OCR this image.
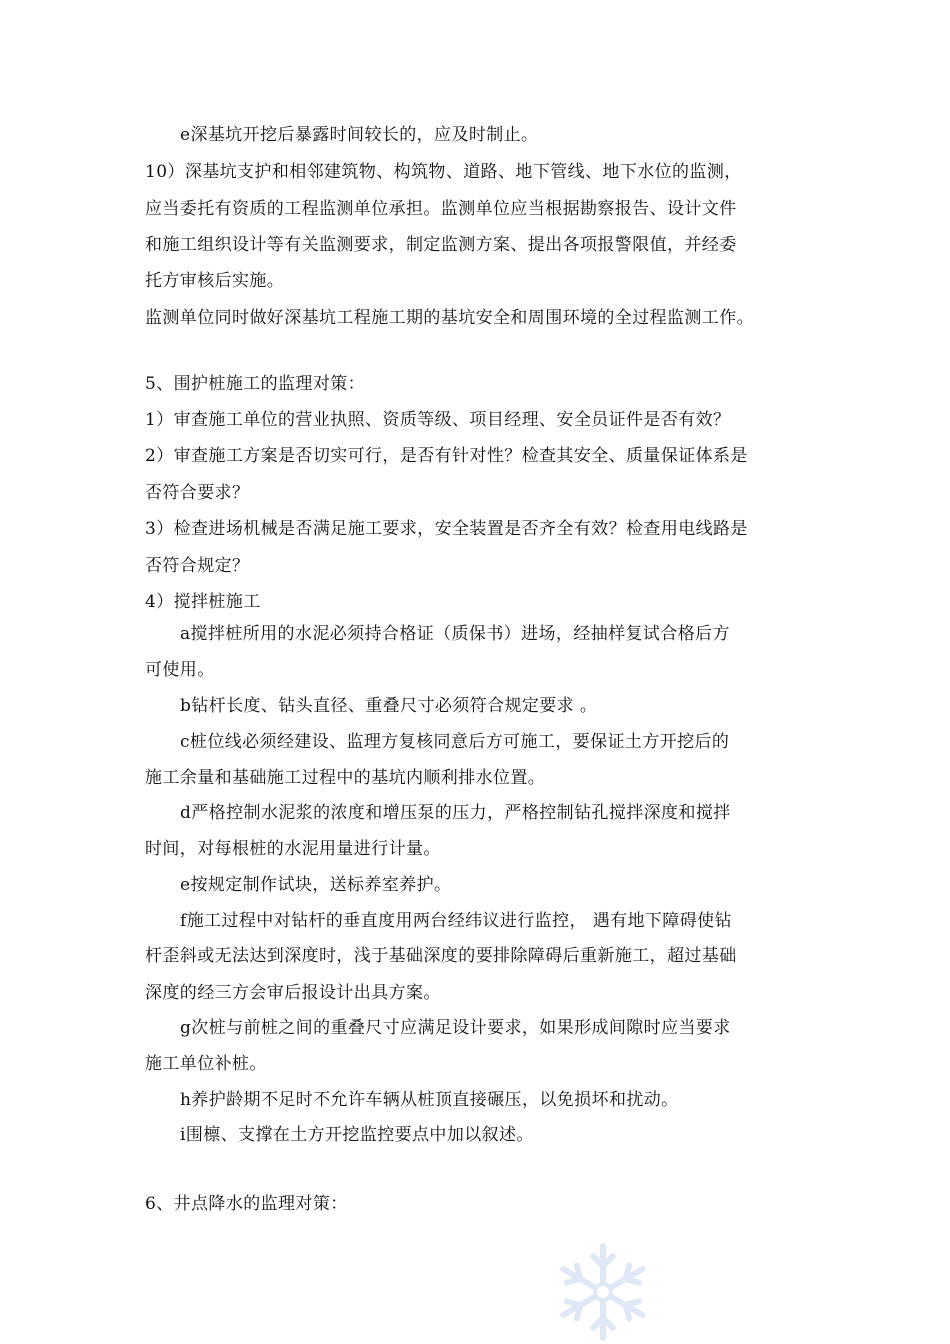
e深基坑开挖后暴露时间较长的，应及时制止。
10）深基坑支护和相邻建筑物、构筑物、道路、地下管线、地下水位的监测，
应当委托有资质的工程监测单位承担。监测单位应当根据勘察报告、设计文件
和施工组织设计等有关监测要求，制定监测方案、提出各项报警限值，并经委
托方审核后实施。
监测单位同时做好深基坑工程施工期的基坑安全和周围环境的全过程监测工作。
5、围护桩施工的监理对策：
1）审查施工单位的营业执照、资质等级、项目经理、安全员证件是否有效？
2）审查施工方案是否切实可行，是否有针对性？检查其安全、质量保证体系是
否符合要求？
3）检查进场机械是否满足施工要求，安全装置是否齐全有效？检查用电线路是
否符合规定？
4）搅拌桩施工
a搅拌桩所用的水泥必须持合格证（质保书）进场，经抽样复试合格后方
可使用。
b钻杆长度、钻头直径、重叠尺寸必须符合规定要求 。
c桩位线必须经建设、监理方复核同意后方可施工，要保证土方开挖后的
施工余量和基础施工过程中的基坑内顺利排水位置。
d严格控制水泥浆的浓度和增压泵的压力，严格控制钻孔搅拌深度和搅拌
时间，对每根桩的水泥用量进行计量。
e按规定制作试块，送标养室养护。
f施工过程中对钻杆的垂直度用两台经纬议进行监控， 遇有地下障碍使钻
杆歪斜或无法达到深度时，浅于基础深度的要排除障碍后重新施工，超过基础
深度的经三方会审后报设计出具方案。
g次桩与前桩之间的重叠尺寸应满足设计要求，如果形成间隙时应当要求
施工单位补桩。
h养护龄期不足时不允许车辆从桩顶直接碾压，以免损坏和扰动。
i围檩、支撑在土方开挖监控要点中加以叙述。
6、井点降水的监理对策：
